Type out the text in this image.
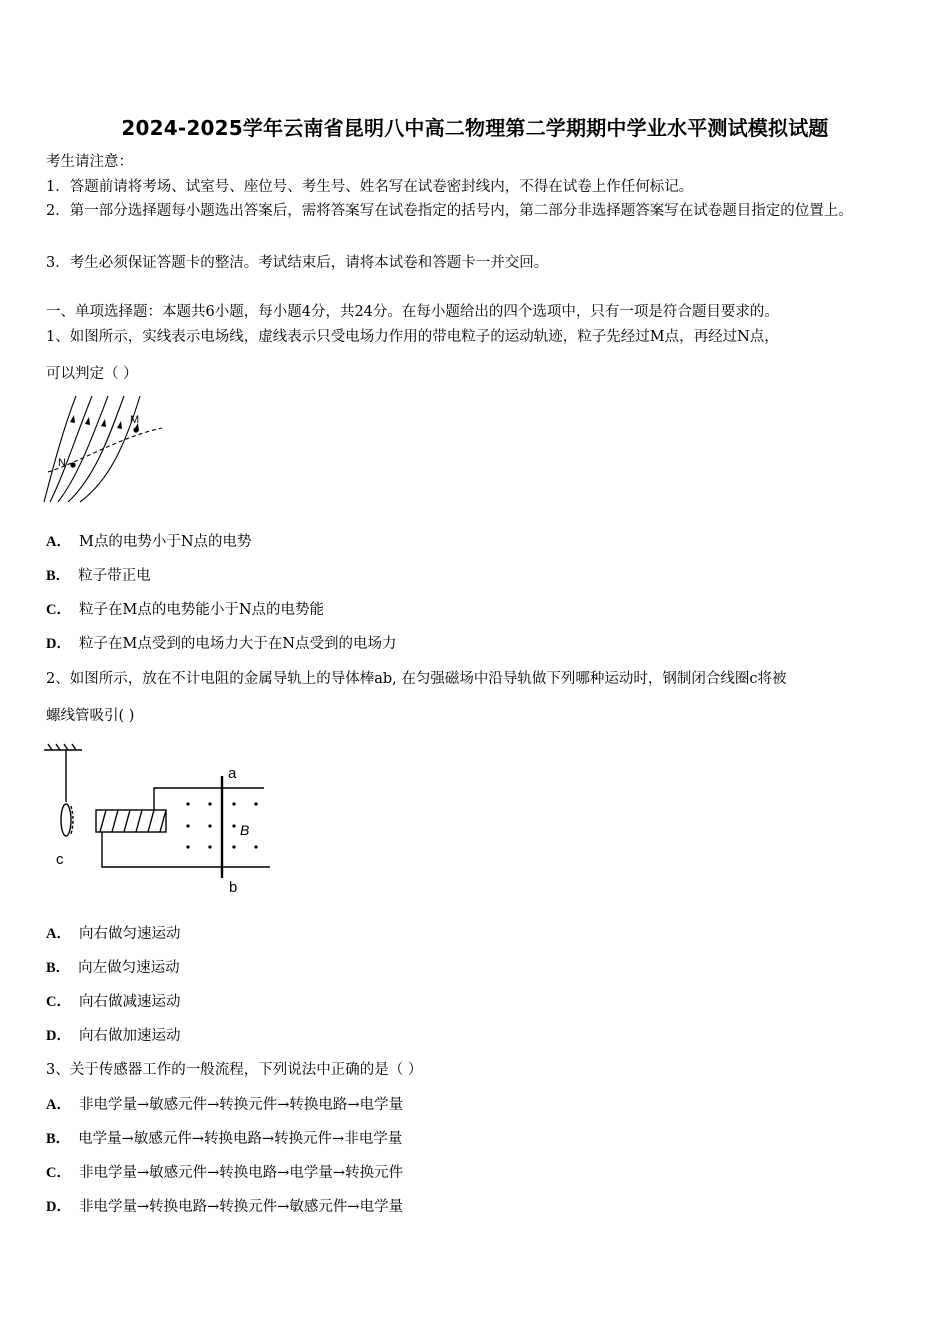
2024-2025学年云南省昆明八中高二物理第二学期期中学业水平测试模拟试题
考生请注意：
1．答题前请将考场、试室号、座位号、考生号、姓名写在试卷密封线内，不得在试卷上作任何标记。
2．第一部分选择题每小题选出答案后，需将答案写在试卷指定的括号内，第二部分非选择题答案写在试卷题目指定的位置上。
3．考生必须保证答题卡的整洁。考试结束后，请将本试卷和答题卡一并交回。
一、单项选择题：本题共6小题，每小题4分，共24分。在每小题给出的四个选项中，只有一项是符合题目要求的。
1、如图所示，实线表示电场线，虚线表示只受电场力作用的带电粒子的运动轨迹，粒子先经过M点，再经过N点，
可以判定（ ）
M
N
A． M点的电势小于N点的电势
B． 粒子带正电
C． 粒子在M点的电势能小于N点的电势能
D． 粒子在M点受到的电场力大于在N点受到的电场力
2、如图所示，放在不计电阻的金属导轨上的导体棒ab, 在匀强磁场中沿导轨做下列哪种运动时，钢制闭合线圈c将被
螺线管吸引( )
a
b
c
B
A． 向右做匀速运动
B． 向左做匀速运动
C． 向右做减速运动
D． 向右做加速运动
3、关于传感器工作的一般流程，下列说法中正确的是（ ）
A． 非电学量→敏感元件→转换元件→转换电路→电学量
B． 电学量→敏感元件→转换电路→转换元件→非电学量
C． 非电学量→敏感元件→转换电路→电学量→转换元件
D． 非电学量→转换电路→转换元件→敏感元件→电学量
